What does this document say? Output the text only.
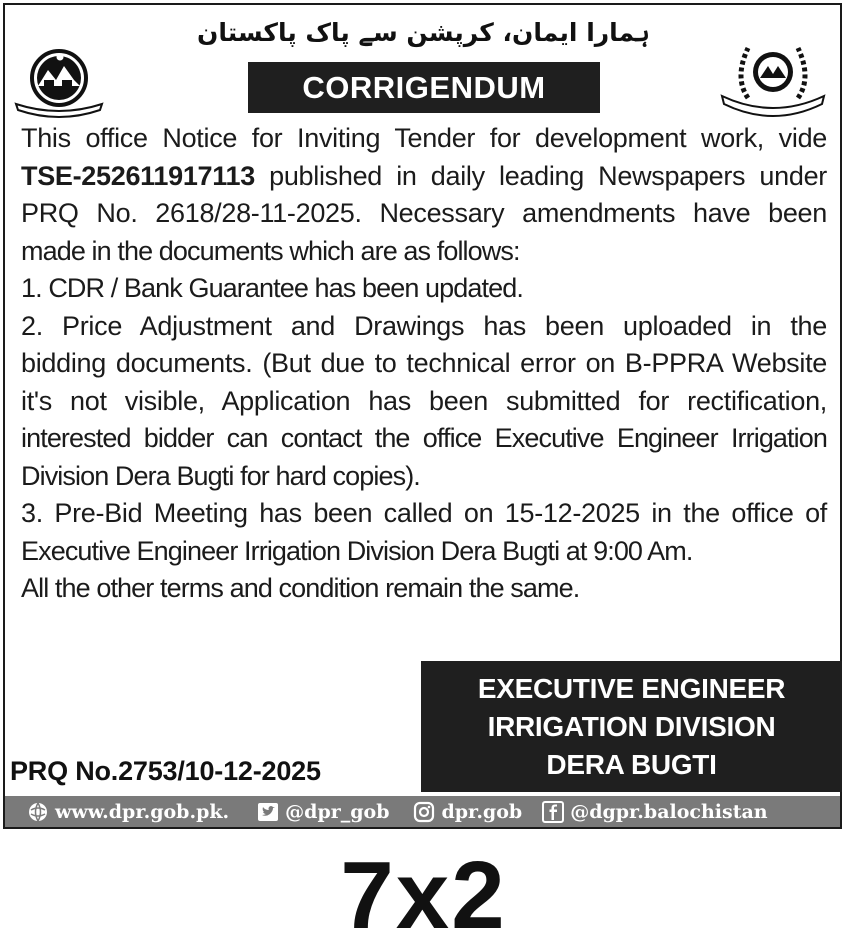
ہمارا ایمان، کرپشن سے پاک پاکستان
CORRIGENDUM

This office Notice for Inviting Tender for development work, vide

TSE-252611917113 published in daily leading Newspapers under

PRQ No. 2618/28-11-2025. Necessary amendments have been

made in the documents which are as follows:

1. CDR / Bank Guarantee has been updated.

2. Price Adjustment and Drawings has been uploaded in the

bidding documents. (But due to technical error on B-PPRA Website

it's not visible, Application has been submitted for rectification,

interested bidder can contact the office Executive Engineer Irrigation

Division Dera Bugti for hard copies).

3. Pre-Bid Meeting has been called on 15-12-2025 in the office of

Executive Engineer Irrigation Division Dera Bugti at 9:00 Am.

All the other terms and condition remain the same.

EXECUTIVE ENGINEER
IRRIGATION DIVISION
DERA BUGTI
PRQ No.2753/10-12-2025
www.dpr.gob.pk.	@dpr_gob	dpr.gob	@dgpr.balochistan
7x2
